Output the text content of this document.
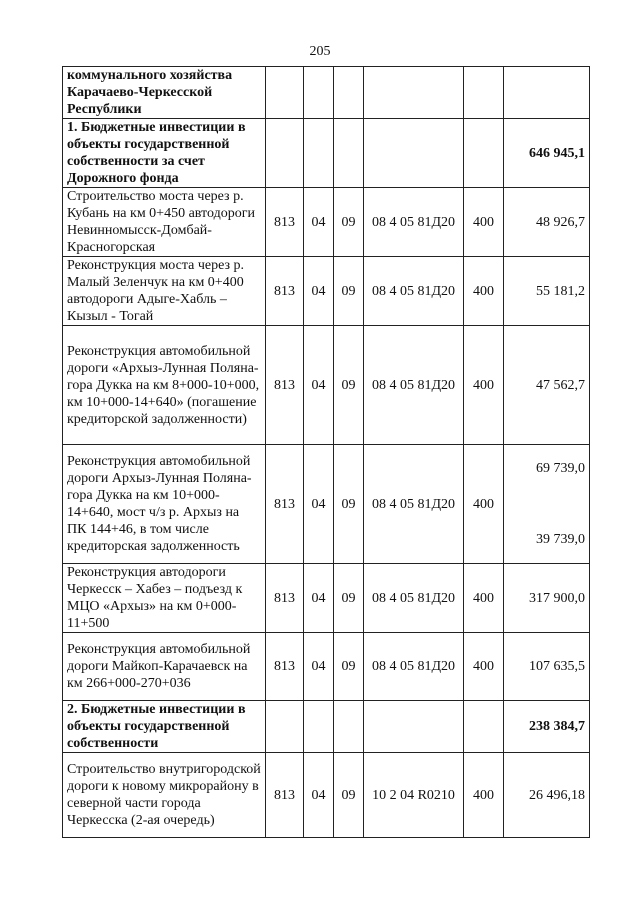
205
коммунального хозяйства Карачаево-Черкесской Республики						
1. Бюджетные инвестиции в объекты государственной собственности за счет Дорожного фонда						646 945,1
Строительство моста через р. Кубань на км 0+450 автодороги Невинномысск-Домбай-Красногорская	813	04	09	08 4 05 81Д20	400	48 926,7
Реконструкция моста через р. Малый Зеленчук на км 0+400 автодороги Адыге-Хабль – Кызыл - Тогай	813	04	09	08 4 05 81Д20	400	55 181,2
Реконструкция автомобильной дороги «Архыз-Лунная Поляна-гора Дукка на км 8+000-10+000, км 10+000-14+640» (погашение кредиторской задолженности)	813	04	09	08 4 05 81Д20	400	47 562,7
Реконструкция автомобильной дороги Архыз-Лунная Поляна-гора Дукка на км 10+000-14+640, мост ч/з р. Архыз на ПК 144+46, в том числе кредиторская задолженность	813	04	09	08 4 05 81Д20	400	69 739,0
39 739,0

Реконструкция автодороги Черкесск – Хабез – подъезд к МЦО «Архыз» на км 0+000-11+500	813	04	09	08 4 05 81Д20	400	317 900,0
Реконструкция автомобильной дороги Майкоп-Карачаевск на км 266+000-270+036	813	04	09	08 4 05 81Д20	400	107 635,5
2. Бюджетные инвестиции в объекты государственной собственности						238 384,7
Строительство внутригородской дороги к новому микрорайону в северной части города Черкесска (2-ая очередь)	813	04	09	10 2 04 R0210	400	26 496,18
